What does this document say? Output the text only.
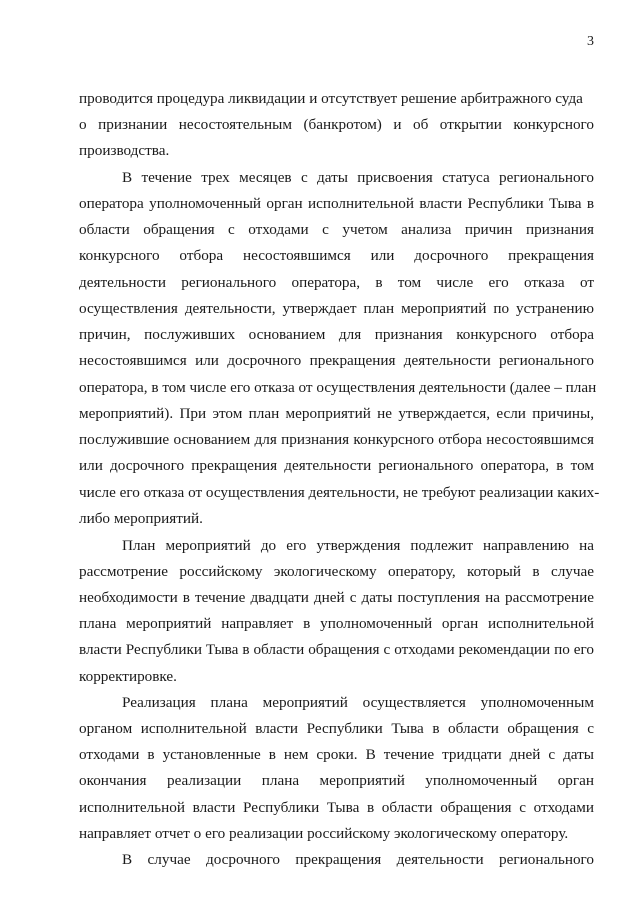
3
проводится процедура ликвидации и отсутствует решение арбитражного суда
о признании несостоятельным (банкротом) и об открытии конкурсного
производства.
В течение трех месяцев с даты присвоения статуса регионального
оператора уполномоченный орган исполнительной власти Республики Тыва в
области обращения с отходами с учетом анализа причин признания
конкурсного отбора несостоявшимся или досрочного прекращения
деятельности регионального оператора, в том числе его отказа от
осуществления деятельности, утверждает план мероприятий по устранению
причин, послуживших основанием для признания конкурсного отбора
несостоявшимся или досрочного прекращения деятельности регионального
оператора, в том числе его отказа от осуществления деятельности (далее – план
мероприятий). При этом план мероприятий не утверждается, если причины,
послужившие основанием для признания конкурсного отбора несостоявшимся
или досрочного прекращения деятельности регионального оператора, в том
числе его отказа от осуществления деятельности, не требуют реализации каких-
либо мероприятий.
План мероприятий до его утверждения подлежит направлению на
рассмотрение российскому экологическому оператору, который в случае
необходимости в течение двадцати дней с даты поступления на рассмотрение
плана мероприятий направляет в уполномоченный орган исполнительной
власти Республики Тыва в области обращения с отходами рекомендации по его
корректировке.
Реализация плана мероприятий осуществляется уполномоченным
органом исполнительной власти Республики Тыва в области обращения с
отходами в установленные в нем сроки. В течение тридцати дней с даты
окончания реализации плана мероприятий уполномоченный орган
исполнительной власти Республики Тыва в области обращения с отходами
направляет отчет о его реализации российскому экологическому оператору.
В случае досрочного прекращения деятельности регионального
